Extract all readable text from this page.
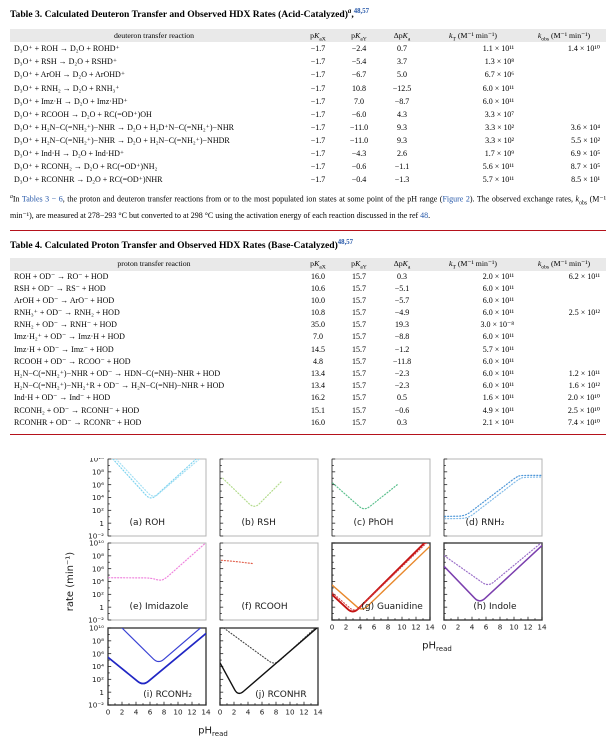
Table 3. Calculated Deuteron Transfer and Observed HDX Rates (Acid-Catalyzed)$^a$,$^{48,57}$
deuteron transfer reaction	$pK_{aX}$	$pK_{aY}$	ΔpK$_a$	$k_T$ (M⁻¹ min⁻¹)	$k_{obs}$ (M⁻¹ min⁻¹)
D₃O⁺ + ROH → D₂O + ROHD⁺	−1.7	−2.4	0.7	1.1 × 10¹¹	1.4 × 10¹⁰
D₃O⁺ + RSH → D₂O + RSHD⁺	−1.7	−5.4	3.7	1.3 × 10⁸
D₃O⁺ + ArOH → D₂O + ArOHD⁺	−1.7	−6.7	5.0	6.7 × 10⁶
D₃O⁺ + RNH₂ → D₂O + RNH₃⁺	−1.7	10.8	−12.5	6.0 × 10¹¹
D₃O⁺ + Imz·H → D₂O + Imz·HD⁺	−1.7	7.0	−8.7	6.0 × 10¹¹
D₃O⁺ + RCOOH → D₂O + RC(=OD⁺)OH	−1.7	−6.0	4.3	3.3 × 10⁷
D₃O⁺ + H₂N−C(=NH₂⁺)−NHR → D₂O + H₂D⁺N−C(=NH₂⁺)−NHR	−1.7	−11.0	9.3	3.3 × 10²	3.6 × 10⁴
D₃O⁺ + H₂N−C(=NH₂⁺)−NHR → D₂O + H₂N−C(=NH₂⁺)−NHDR	−1.7	−11.0	9.3	3.3 × 10²	5.5 × 10²
D₃O⁺ + Ind·H → D₂O + Ind·HD⁺	−1.7	−4.3	2.6	1.7 × 10⁹	6.9 × 10⁵
D₃O⁺ + RCONH₂ → D₂O + RC(=OD⁺)NH₂	−1.7	−0.6	−1.1	5.6 × 10¹¹	8.7 × 10⁵
D₃O⁺ + RCONHR → D₂O + RC(=OD⁺)NHR	−1.7	−0.4	−1.3	5.7 × 10¹¹	8.5 × 10¹
$^a$In Tables 3 − 6, the proton and deuteron transfer reactions from or to the most populated ion states at some point of the pH range (Figure 2). The observed exchange rates, $k_{obs}$ (M⁻¹ min⁻¹), are measured at 278−293 °C but converted to at 298 °C using the activation energy of each reaction discussed in the ref 48.
Table 4. Calculated Proton Transfer and Observed HDX Rates (Base-Catalyzed)$^{48,57}$
proton transfer reaction	$pK_{aX}$	$pK_{aY}$	ΔpK$_a$	$k_T$ (M⁻¹ min⁻¹)	$k_{obs}$ (M⁻¹ min⁻¹)
ROH + OD⁻ → RO⁻ + HOD	16.0	15.7	0.3	2.0 × 10¹¹	6.2 × 10¹¹
RSH + OD⁻ → RS⁻ + HOD	10.6	15.7	−5.1	6.0 × 10¹¹
ArOH + OD⁻ → ArO⁻ + HOD	10.0	15.7	−5.7	6.0 × 10¹¹
RNH₃⁺ + OD⁻ → RNH₂ + HOD	10.8	15.7	−4.9	6.0 × 10¹¹	2.5 × 10¹²
RNH₂ + OD⁻ → RNH⁻ + HOD	35.0	15.7	19.3	3.0 × 10⁻⁸
Imz·H₂⁺ + OD⁻ → Imz·H + HOD	7.0	15.7	−8.8	6.0 × 10¹¹
Imz·H + OD⁻ → Imz⁻ + HOD	14.5	15.7	−1.2	5.7 × 10¹¹
RCOOH + OD⁻ → RCOO⁻ + HOD	4.8	15.7	−11.8	6.0 × 10¹¹
H₂N−C(=NH₂⁺)−NHR + OD⁻ → HDN−C(=NH)−NHR + HOD	13.4	15.7	−2.3	6.0 × 10¹¹	1.2 × 10¹¹
H₂N−C(=NH₂⁺)−NH₂⁺R + OD⁻ → H₂N−C(=NH)−NHR + HOD	13.4	15.7	−2.3	6.0 × 10¹¹	1.6 × 10¹²
Ind·H + OD⁻ → Ind⁻ + HOD	16.2	15.7	0.5	1.6 × 10¹¹	2.0 × 10¹⁰
RCONH₂ + OD⁻ → RCONH⁻ + HOD	15.1	15.7	−0.6	4.9 × 10¹¹	2.5 × 10¹⁰
RCONHR + OD⁻ → RCONR⁻ + HOD	16.0	15.7	0.3	2.1 × 10¹¹	7.4 × 10¹⁰
rate (min⁻¹)
10¹⁰
10⁸
10⁶
10⁴
10²
1
10⁻²
10¹⁰
10⁸
10⁶
10⁴
10²
1
10⁻²
10¹⁰
10⁸
10⁶
10⁴
10²
1
10⁻²
(a) ROH	(b) RSH	(c) PhOH	(d) RNH₂
(e) Imidazole	(f) RCOOH	(g) Guanidine	(h) Indole
(i) RCONH₂	(j) RCONHR
0 2 4 6 8 10 12 14 0 2 4 6 8 10 12 14
$pH_{read}$
0 2 4 6 8 10 12 14 0 2 4 6 8 10 12 14
$pH_{read}$
